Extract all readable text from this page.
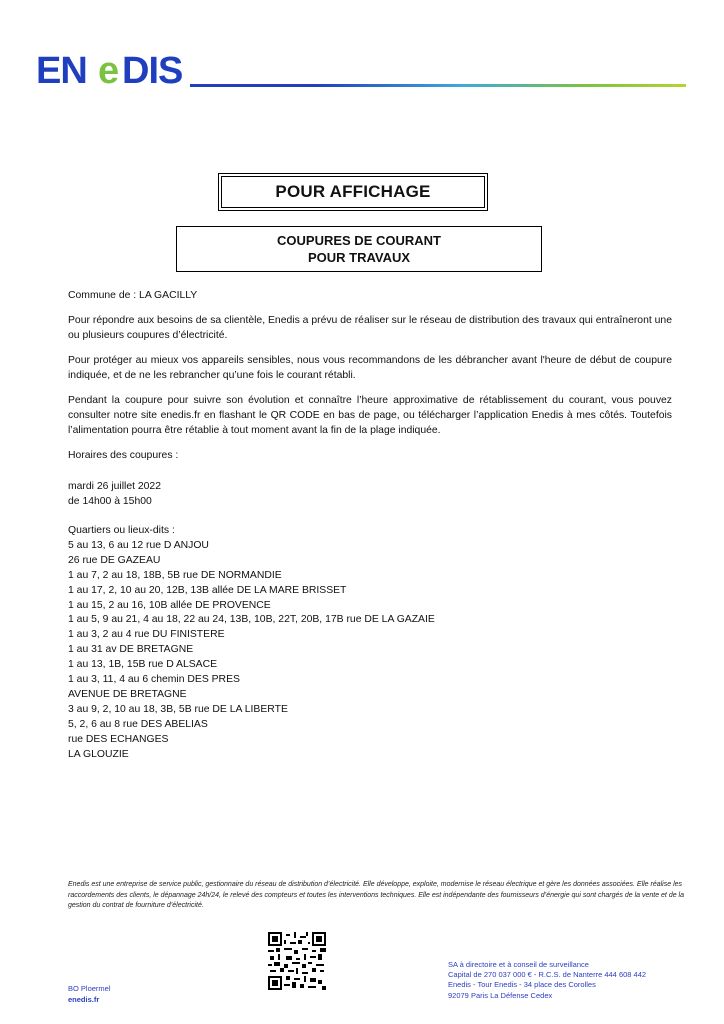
EN e DIS
POUR AFFICHAGE
COUPURES DE COURANT
POUR TRAVAUX

Commune de : LA GACILLY

Pour répondre aux besoins de sa clientèle, Enedis a prévu de réaliser sur le réseau de distribution des travaux qui entraîneront une ou plusieurs coupures d’électricité.

Pour protéger au mieux vos appareils sensibles, nous vous recommandons de les débrancher avant l'heure de début de coupure indiquée, et de ne les rebrancher qu’une fois le courant rétabli.

Pendant la coupure pour suivre son évolution et connaître l’heure approximative de rétablissement du courant, vous pouvez consulter notre site enedis.fr en flashant le QR CODE en bas de page, ou télécharger l’application Enedis à mes côtés. Toutefois l’alimentation pourra être rétablie à tout moment avant la fin de la plage indiquée.

Horaires des coupures :

mardi 26 juillet 2022
de 14h00 à 15h00
Quartiers ou lieux-dits :
5 au 13, 6 au 12 rue D ANJOU
26 rue DE GAZEAU
1 au 7, 2 au 18, 18B, 5B rue DE NORMANDIE
1 au 17, 2, 10 au 20, 12B, 13B allée DE LA MARE BRISSET
1 au 15, 2 au 16, 10B allée DE PROVENCE
1 au 5, 9 au 21, 4 au 18, 22 au 24, 13B, 10B, 22T, 20B, 17B rue DE LA GAZAIE
1 au 3, 2 au 4 rue DU FINISTERE
1 au 31 av DE BRETAGNE
1 au 13, 1B, 15B rue D ALSACE
1 au 3, 11, 4 au 6 chemin DES PRES
AVENUE DE BRETAGNE
3 au 9, 2, 10 au 18, 3B, 5B rue DE LA LIBERTE
5, 2, 6 au 8 rue DES ABELIAS
rue DES ECHANGES
LA GLOUZIE
Enedis est une entreprise de service public, gestionnaire du réseau de distribution d’électricité. Elle développe, exploite, modernise le réseau électrique et gère les données associées. Elle réalise les raccordements des clients, le dépannage 24h/24, le relevé des compteurs et toutes les interventions techniques. Elle est indépendante des fournisseurs d’énergie qui sont chargés de la vente et de la gestion du contrat de fourniture d’électricité.
BO Ploermel
enedis.fr
SA à directoire et à conseil de surveillance
Capital de 270 037 000 € - R.C.S. de Nanterre 444 608 442
Enedis - Tour Enedis - 34 place des Corolles
92079 Paris La Défense Cedex
